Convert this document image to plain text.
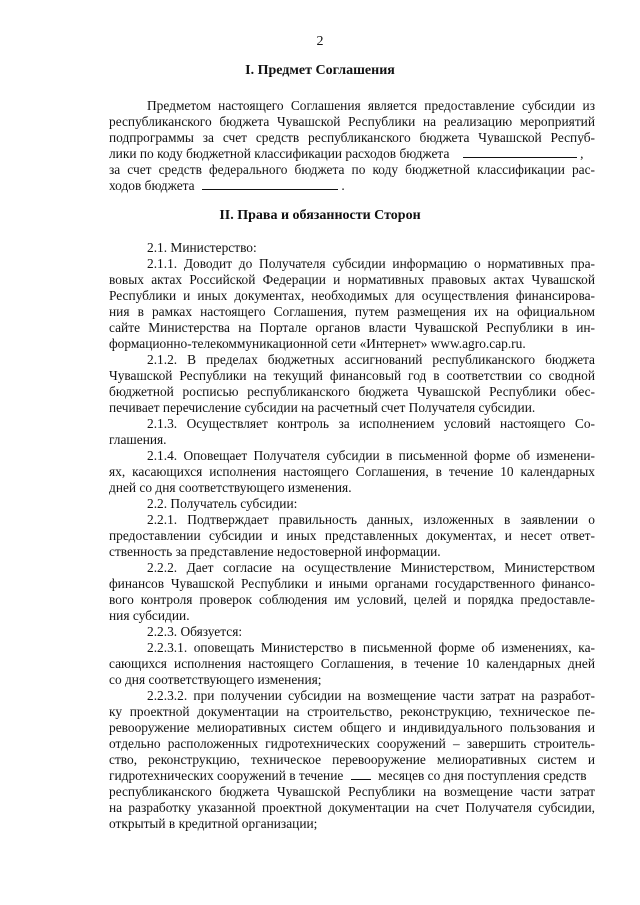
2
I. Предмет Соглашения
Предметом настоящего Соглашения является предоставление субсидии из
республиканского бюджета Чувашской Республики на реализацию мероприятий
подпрограммы за счет средств республиканского бюджета Чувашской Респуб-
лики по коду бюджетной классификации расходов бюджета	,
за счет средств федерального бюджета по коду бюджетной классификации рас-
ходов бюджета	.
II. Права и обязанности Сторон
2.1. Министерство:
2.1.1. Доводит до Получателя субсидии информацию о нормативных пра-
вовых актах Российской Федерации и нормативных правовых актах Чувашской
Республики и иных документах, необходимых для осуществления финансирова-
ния в рамках настоящего Соглашения, путем размещения их на официальном
сайте Министерства на Портале органов власти Чувашской Республики в ин-
формационно-телекоммуникационной сети «Интернет» www.agro.cap.ru.
2.1.2. В пределах бюджетных ассигнований республиканского бюджета
Чувашской Республики на текущий финансовый год в соответствии со сводной
бюджетной росписью республиканского бюджета Чувашской Республики обес-
печивает перечисление субсидии на расчетный счет Получателя субсидии.
2.1.3. Осуществляет контроль за исполнением условий настоящего Со-
глашения.
2.1.4. Оповещает Получателя субсидии в письменной форме об изменени-
ях, касающихся исполнения настоящего Соглашения, в течение 10 календарных
дней со дня соответствующего изменения.
2.2. Получатель субсидии:
2.2.1. Подтверждает правильность данных, изложенных в заявлении о
предоставлении субсидии и иных представленных документах, и несет ответ-
ственность за представление недостоверной информации.
2.2.2. Дает согласие на осуществление Министерством, Министерством
финансов Чувашской Республики и иными органами государственного финансо-
вого контроля проверок соблюдения им условий, целей и порядка предоставле-
ния субсидии.
2.2.3. Обязуется:
2.2.3.1. оповещать Министерство в письменной форме об изменениях, ка-
сающихся исполнения настоящего Соглашения, в течение 10 календарных дней
со дня соответствующего изменения;
2.2.3.2. при получении субсидии на возмещение части затрат на разработ-
ку проектной документации на строительство, реконструкцию, техническое пе-
ревооружение мелиоративных систем общего и индивидуального пользования и
отдельно расположенных гидротехнических сооружений – завершить строитель-
ство, реконструкцию, техническое перевооружение мелиоративных систем и
гидротехнических сооружений в течение	месяцев со дня поступления средств
республиканского бюджета Чувашской Республики на возмещение части затрат
на разработку указанной проектной документации на счет Получателя субсидии,
открытый в кредитной организации;
